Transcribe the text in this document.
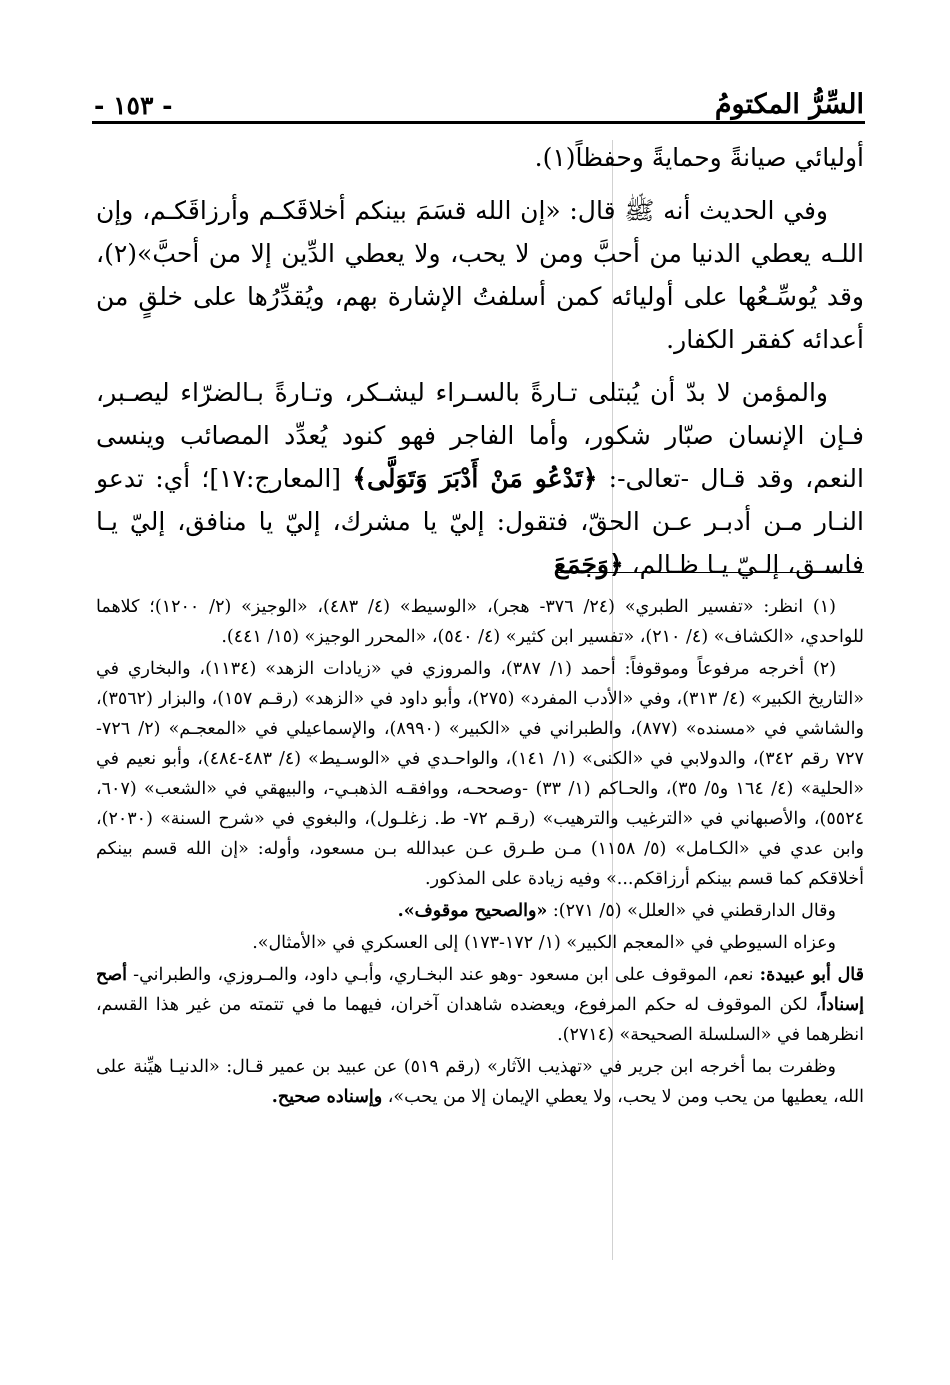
السِّرُّ المكتومُ
- ١٥٣ -

أوليائي صيانةً وحمايةً وحفظاً(١).

وفي الحديث أنه ﷺ قال: «إن الله قسَمَ بينكم أخلاقَكـم وأرزاقَكـم، وإن اللـه يعطي الدنيا من أحبَّ ومن لا يحب، ولا يعطي الدِّين إلا من أحبَّ»(٢)، وقد يُوسِّـعُها على أوليائه كمن أسلفتُ الإشارة بهم، ويُقدِّرُها على خلقٍ من أعدائه كفقر الكفار.

والمؤمن لا بدّ أن يُبتلى تـارةً بالسـراء ليشـكر، وتـارةً بـالضرّاء ليصـبر، فـإن الإنسان صبّار شكور، وأما الفاجر فهو كنود يُعدِّد المصائب وينسى النعم، وقد قـال -تعالى-: ﴿تَدْعُو مَنْ أَدْبَرَ وَتَوَلَّى﴾ [المعارج:١٧]؛ أي: تدعو النـار مـن أدبـر عـن الحقّ، فتقول: إليّ يا مشرك، إليّ يا منافق، إليّ يـا فاسـق، إلـيّ يـا ظـالم، ﴿وَجَمَعَ

(١) انظر: «تفسير الطبري» (٢٤/ ٣٧٦- هجر)، «الوسيط» (٤/ ٤٨٣)، «الوجيز» (٢/ ١٢٠٠)؛ كلاهما للواحدي، «الكشاف» (٤/ ٢١٠)، «تفسير ابن كثير» (٤/ ٥٤٠)، «المحرر الوجيز» (١٥/ ٤٤١).

(٢) أخرجه مرفوعاً وموقوفاً: أحمد (١/ ٣٨٧)، والمروزي في «زيادات الزهد» (١١٣٤)، والبخاري في «التاريخ الكبير» (٤/ ٣١٣)، وفي «الأدب المفرد» (٢٧٥)، وأبو داود في «الزهد» (رقـم ١٥٧)، والبزار (٣٥٦٢)، والشاشي في «مسنده» (٨٧٧)، والطبراني في «الكبير» (٨٩٩٠)، والإسماعيلي في «المعجـم» (٢/ ٧٢٦- ٧٢٧ رقم ٣٤٢)، والدولابي في «الكنى» (١/ ١٤١)، والواحـدي في «الوسـيط» (٤/ ٤٨٣-٤٨٤)، وأبو نعيم في «الحلية» (٤/ ١٦٤ و٥/ ٣٥)، والحـاكم (١/ ٣٣) -وصححـه، ووافقـه الذهبـي-، والبيهقي في «الشعب» (٦٠٧، ٥٥٢٤)، والأصبهاني في «الترغيب والترهيب» (رقـم ٧٢- ط. زغلـول)، والبغوي في «شرح السنة» (٢٠٣٠)، وابن عدي في «الكـامل» (٥/ ١١٥٨) مـن طـرق عـن عبدالله بـن مسعود، وأوله: «إن الله قسم بينكم أخلاقكم كما قسم بينكم أرزاقكم...» وفيه زيادة على المذكور.

وقال الدارقطني في «العلل» (٥/ ٢٧١): «والصحيح موقوف».

وعزاه السيوطي في «المعجم الكبير» (١/ ١٧٢-١٧٣) إلى العسكري في «الأمثال».

قال أبو عبيدة: نعم، الموقوف على ابن مسعود -وهو عند البخـاري، وأبـي داود، والمـروزي، والطبراني- أصح إسناداً، لكن الموقوف له حكم المرفوع، ويعضده شاهدان آخران، فيهما ما في تتمته من غير هذا القسم، انظرهما في «السلسلة الصحيحة» (٢٧١٤).

وظفرت بما أخرجه ابن جرير في «تهذيب الآثار» (رقم ٥١٩) عن عبيد بن عمير قـال: «الدنيـا هيِّنة على الله، يعطيها من يحب ومن لا يحب، ولا يعطي الإيمان إلا من يحب»، وإسناده صحيح.
